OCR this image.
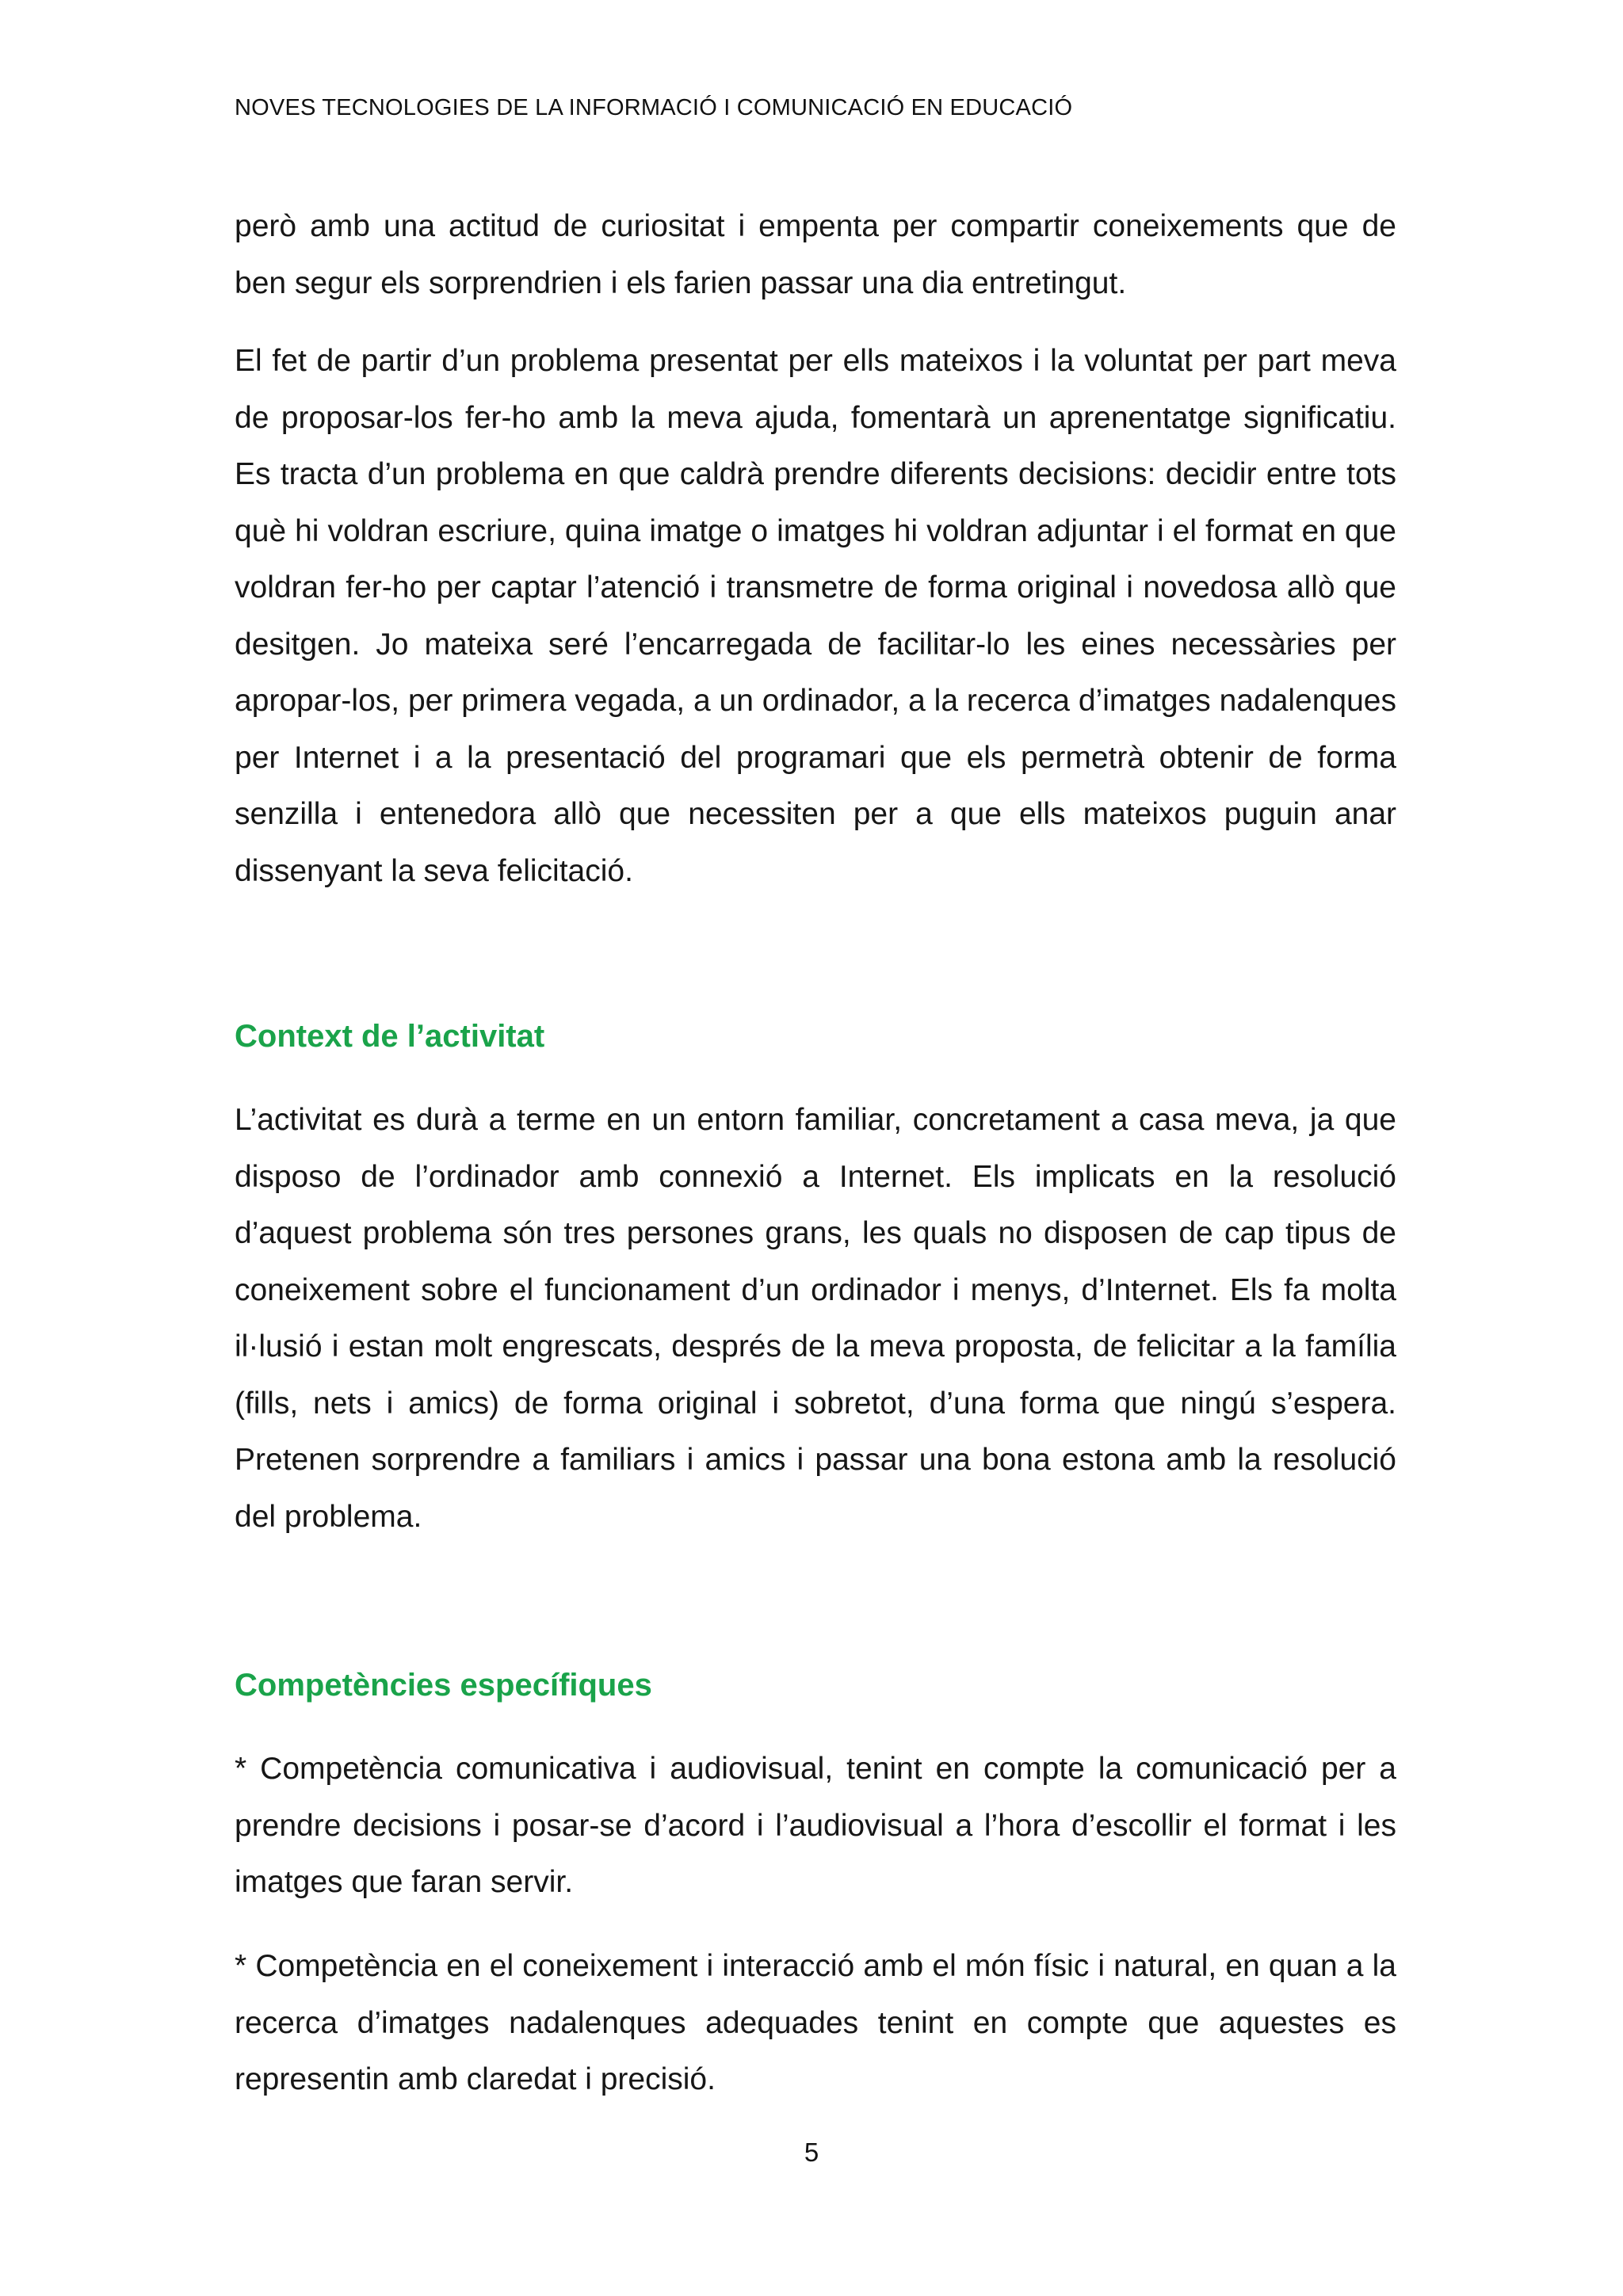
NOVES TECNOLOGIES DE LA INFORMACIÓ I COMUNICACIÓ EN EDUCACIÓ

però amb una actitud de curiositat i empenta per compartir coneixements que de ben segur els sorprendrien i els farien passar una dia entretingut.

El fet de partir d’un problema presentat per ells mateixos i la voluntat per part meva de proposar-los fer-ho amb la meva ajuda, fomentarà un aprenentatge significatiu. Es tracta d’un problema en que caldrà prendre diferents decisions: decidir entre tots què hi voldran escriure, quina imatge o imatges hi voldran adjuntar i el format en que voldran fer-ho per captar l’atenció i transmetre de forma original i novedosa allò que desitgen. Jo mateixa seré l’encarregada de facilitar-lo les eines necessàries per apropar-los, per primera vegada, a un ordinador, a la recerca d’imatges nadalenques per Internet i a la presentació del programari que els permetrà obtenir de forma senzilla i entenedora allò que necessiten per a que ells mateixos puguin anar dissenyant la seva felicitació.

Context de l’activitat

L’activitat es durà a terme en un entorn familiar, concretament a casa meva, ja que disposo de l’ordinador amb connexió a Internet. Els implicats en la resolució d’aquest problema són tres persones grans, les quals no disposen de cap tipus de coneixement sobre el funcionament d’un ordinador i menys, d’Internet. Els fa molta il·lusió i estan molt engrescats, després de la meva proposta, de felicitar a la família (fills, nets i amics) de forma original i sobretot, d’una forma que ningú s’espera. Pretenen sorprendre a familiars i amics i passar una bona estona amb la resolució del problema.

Competències específiques

* Competència comunicativa i audiovisual, tenint en compte la comunicació per a prendre decisions i posar-se d’acord i l’audiovisual a l’hora d’escollir el format i les imatges que faran servir.

* Competència en el coneixement i interacció amb el món físic i natural, en quan a la recerca d’imatges nadalenques adequades tenint en compte que aquestes es representin amb claredat i precisió.

5
